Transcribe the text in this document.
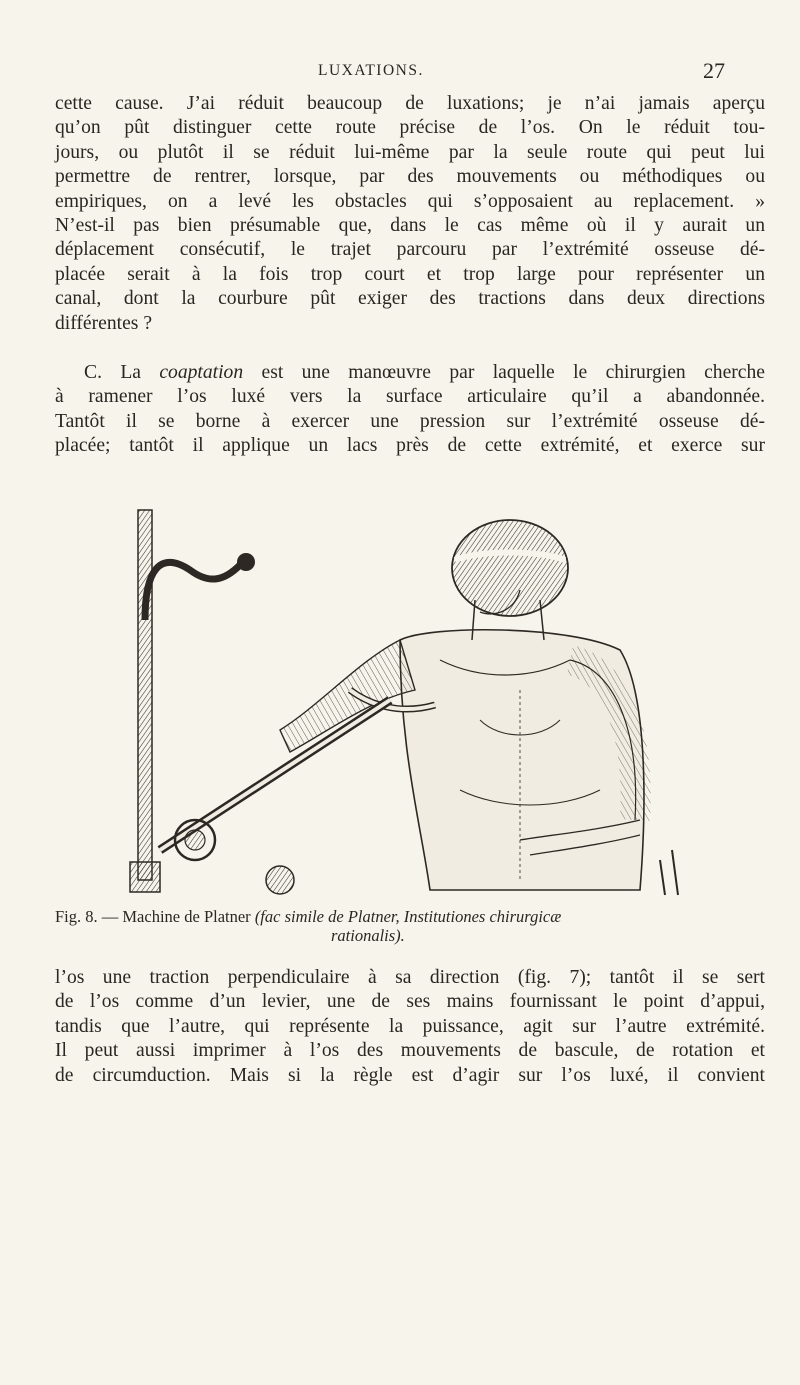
LUXATIONS.	27
cette cause. J’ai réduit beaucoup de luxations; je n’ai jamais aperçu
qu’on pût distinguer cette route précise de l’os. On le réduit tou-
jours, ou plutôt il se réduit lui-même par la seule route qui peut lui
permettre de rentrer, lorsque, par des mouvements ou méthodiques ou
empiriques, on a levé les obstacles qui s’opposaient au replacement. »
N’est-il pas bien présumable que, dans le cas même où il y aurait un
déplacement consécutif, le trajet parcouru par l’extrémité osseuse dé-
placée serait à la fois trop court et trop large pour représenter un
canal, dont la courbure pût exiger des tractions dans deux directions
différentes ?
C. La coaptation est une manœuvre par laquelle le chirurgien cherche
à ramener l’os luxé vers la surface articulaire qu’il a abandonnée.
Tantôt il se borne à exercer une pression sur l’extrémité osseuse dé-
placée; tantôt il applique un lacs près de cette extrémité, et exerce sur
Fig. 8. — Machine de Platner (fac simile de Platner, Institutiones chirurgicæ
rationalis).
l’os une traction perpendiculaire à sa direction (fig. 7); tantôt il se sert
de l’os comme d’un levier, une de ses mains fournissant le point d’appui,
tandis que l’autre, qui représente la puissance, agit sur l’autre extrémité.
Il peut aussi imprimer à l’os des mouvements de bascule, de rotation et
de circumduction. Mais si la règle est d’agir sur l’os luxé, il convient
